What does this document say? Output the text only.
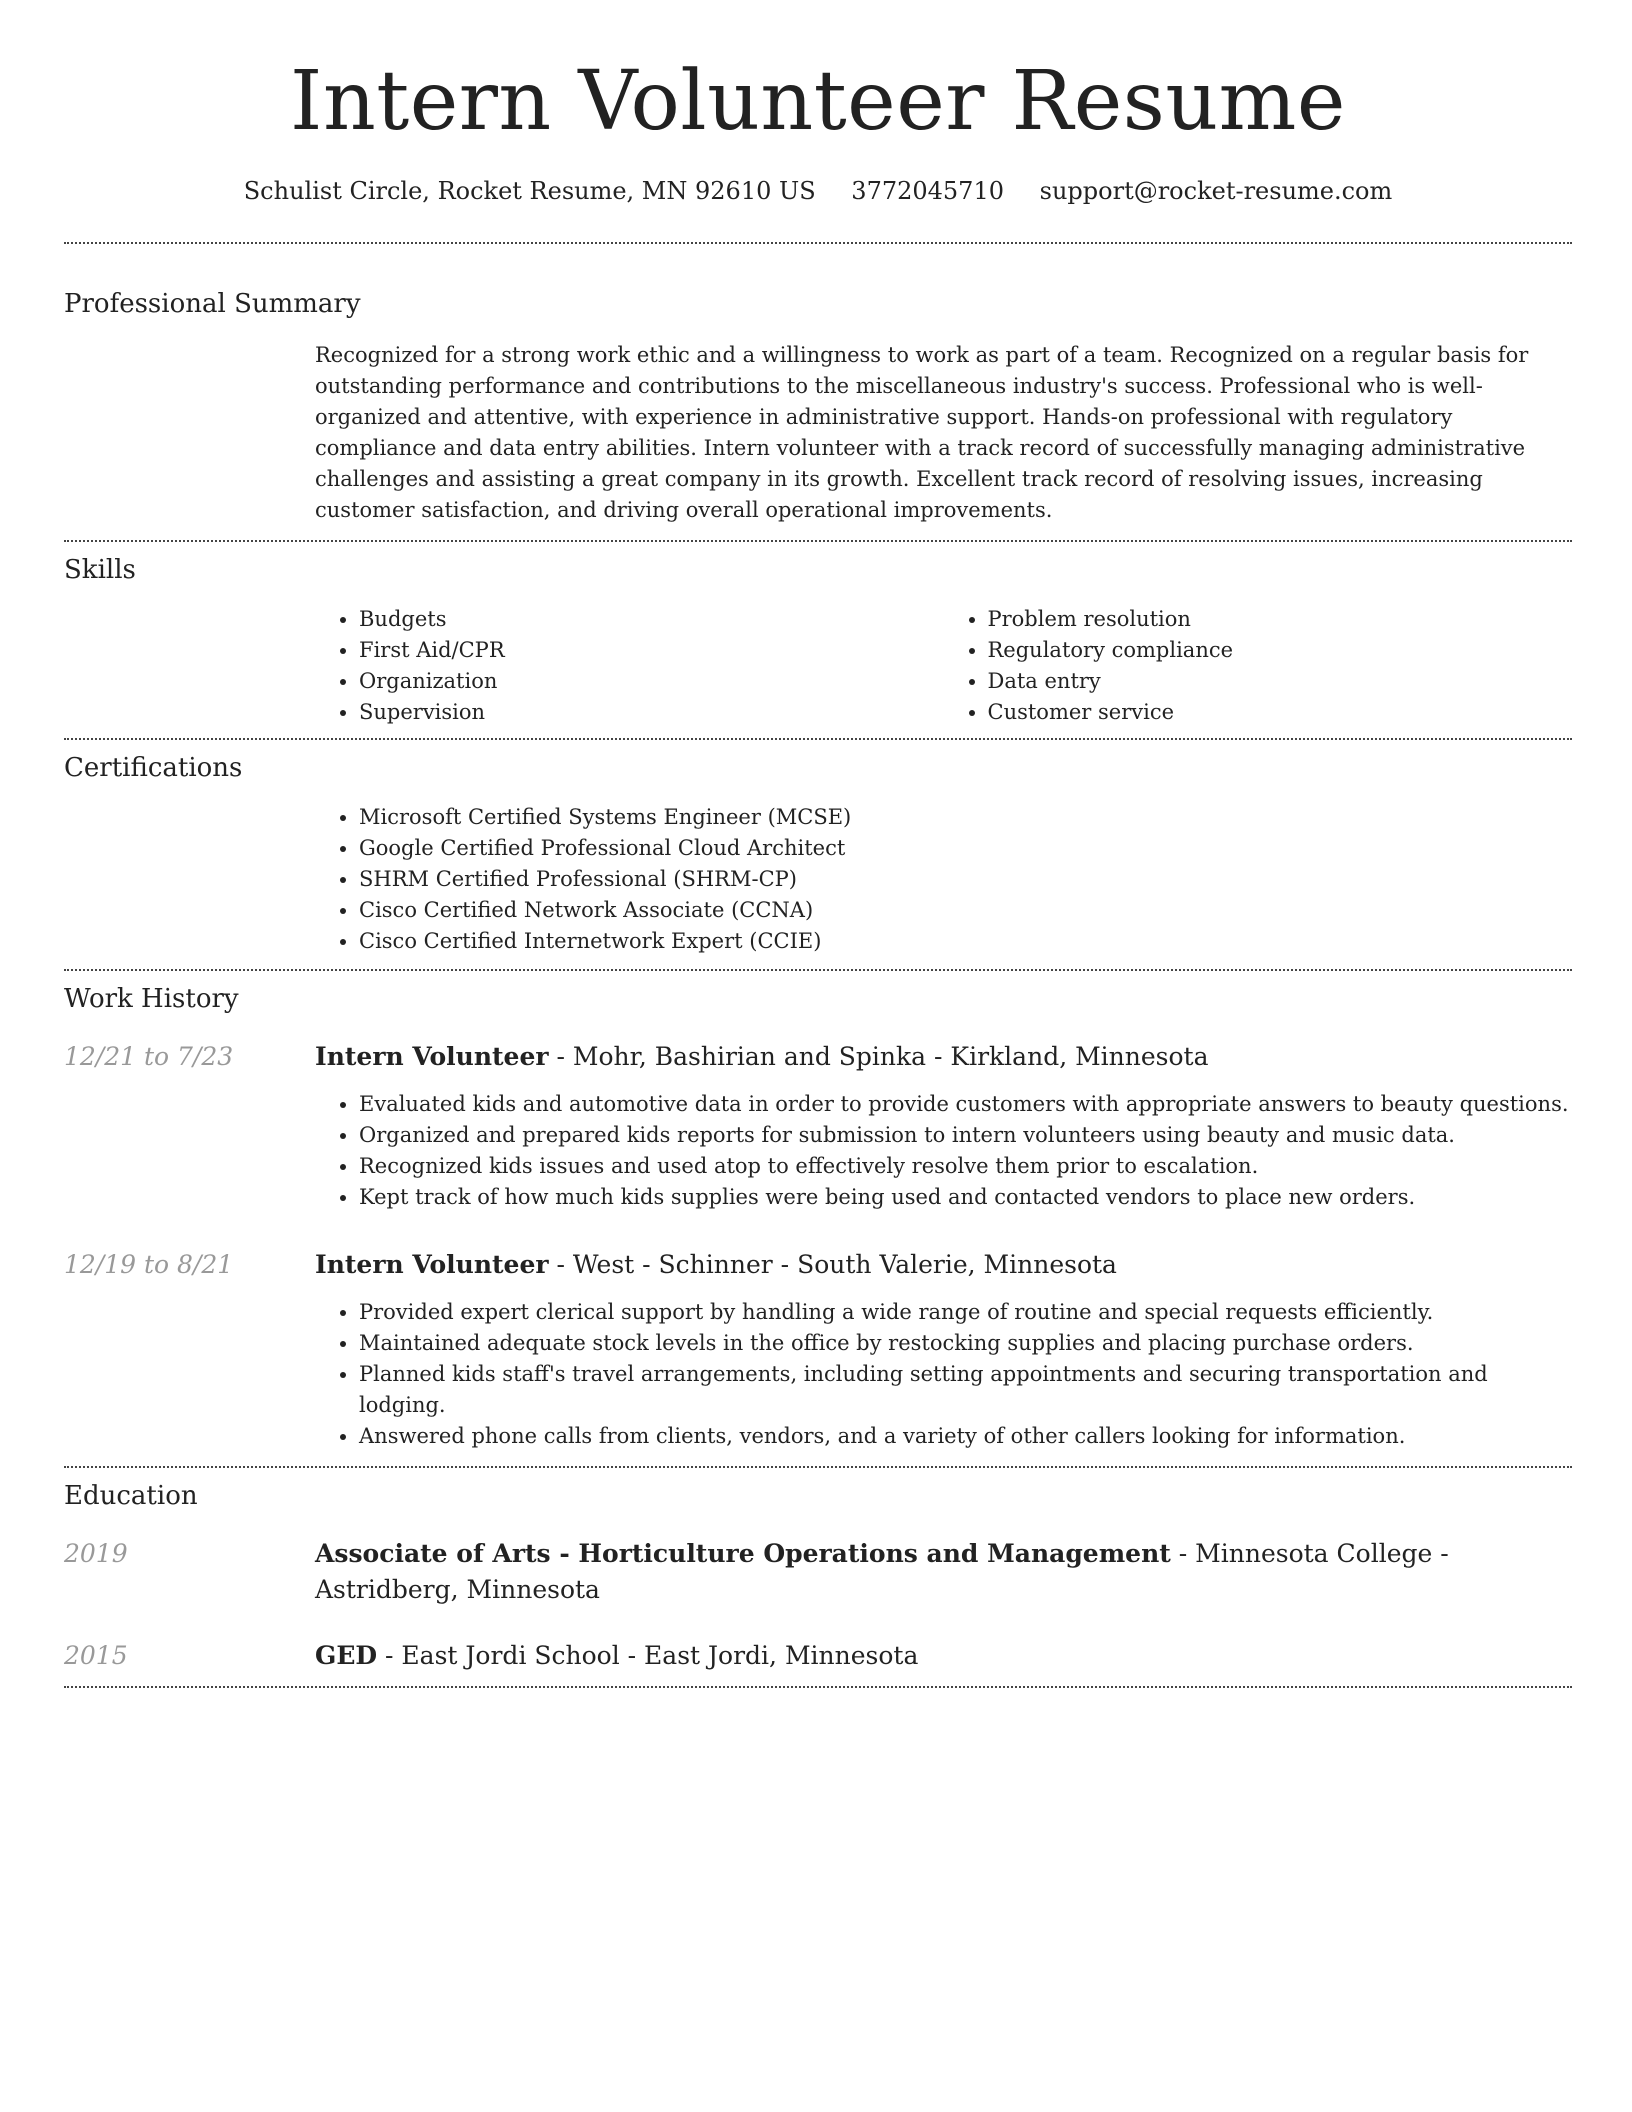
Intern Volunteer Resume
Schulist Circle, Rocket Resume, MN 92610 US 3772045710 support@rocket-resume.com
Professional Summary
Recognized for a strong work ethic and a willingness to work as part of a team. Recognized on a regular basis for outstanding performance and contributions to the miscellaneous industry's success. Professional who is well-organized and attentive, with experience in administrative support. Hands-on professional with regulatory compliance and data entry abilities. Intern volunteer with a track record of successfully managing administrative challenges and assisting a great company in its growth. Excellent track record of resolving issues, increasing customer satisfaction, and driving overall operational improvements.
Skills
• Budgets
• First Aid/CPR
• Organization
• Supervision
• Problem resolution
• Regulatory compliance
• Data entry
• Customer service
Certifications
• Microsoft Certified Systems Engineer (MCSE)
• Google Certified Professional Cloud Architect
• SHRM Certified Professional (SHRM-CP)
• Cisco Certified Network Associate (CCNA)
• Cisco Certified Internetwork Expert (CCIE)
Work History
12/21 to 7/23	Intern Volunteer - Mohr, Bashirian and Spinka - Kirkland, Minnesota
• Evaluated kids and automotive data in order to provide customers with appropriate answers to beauty questions.
• Organized and prepared kids reports for submission to intern volunteers using beauty and music data.
• Recognized kids issues and used atop to effectively resolve them prior to escalation.
• Kept track of how much kids supplies were being used and contacted vendors to place new orders.
12/19 to 8/21	Intern Volunteer - West - Schinner - South Valerie, Minnesota
• Provided expert clerical support by handling a wide range of routine and special requests efficiently.
• Maintained adequate stock levels in the office by restocking supplies and placing purchase orders.
• Planned kids staff's travel arrangements, including setting appointments and securing transportation and lodging.
• Answered phone calls from clients, vendors, and a variety of other callers looking for information.
Education
2019	Associate of Arts - Horticulture Operations and Management - Minnesota College - Astridberg, Minnesota
2015	GED - East Jordi School - East Jordi, Minnesota
